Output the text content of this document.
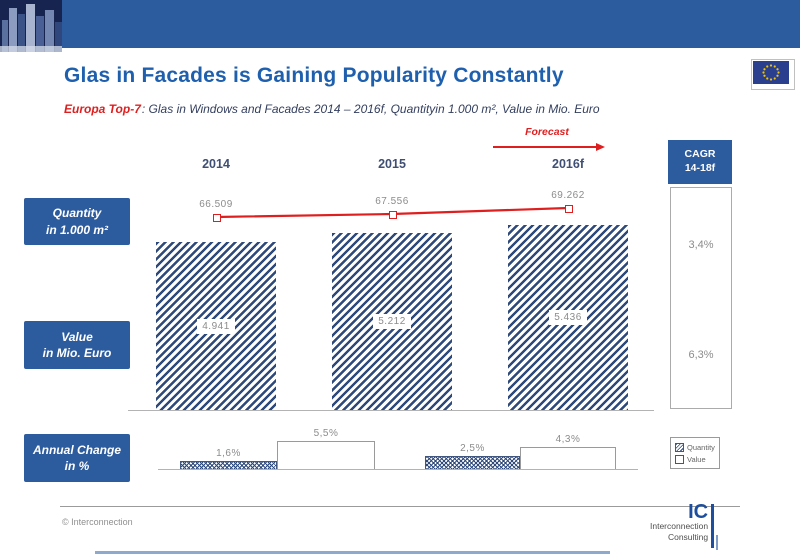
Glas in Facades is Gaining Popularity Constantly

Europa Top-7: Glas in Windows and Facades 2014 – 2016f, Quantityin 1.000 m², Value in Mio. Euro

Forecast
2014	2015	2016f
Quantity
in 1.000 m²
Value
in Mio. Euro
Annual Change
in %
4.941	5.212	5.436
66.509	67.556
69.262
CAGR
14-18f
3,4%
6,3%
1,6%
5,5%
2,5%
4,3%
Quantity
Value
© Interconnection	IC
Interconnection
Consulting
